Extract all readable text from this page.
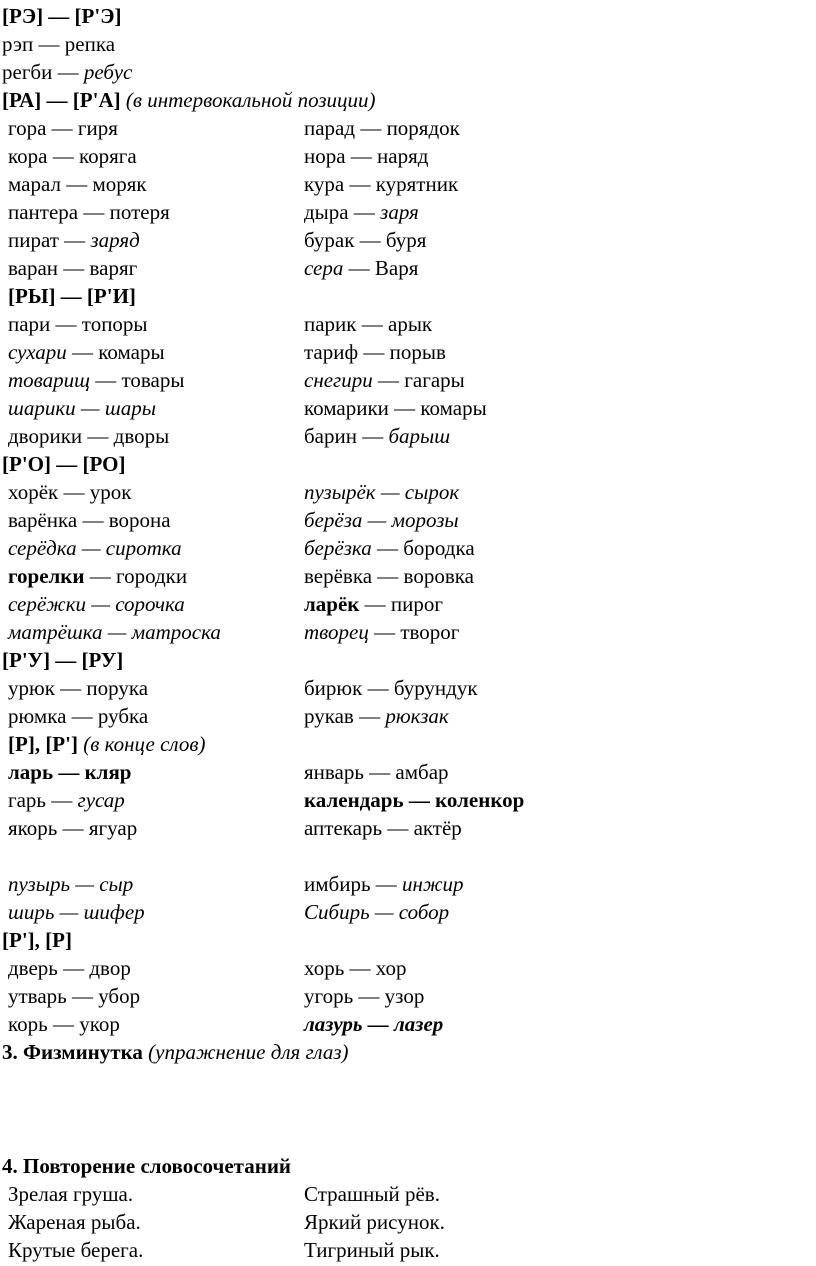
[РЭ] — [Р'Э]
рэп — репка
регби — ребус
[РА] — [Р'А] (в интервокальной позиции)
гора — гиря	парад — порядок
кора — коряга	нора — наряд
марал — моряк	кура — курятник
пантера — потеря	дыра — заря
пират — заряд	бурак — буря
варан — варяг	сера — Варя
[РЫ] — [Р'И]
пари — топоры	парик — арык
сухари — комары	тариф — порыв
товарищ — товары	снегири — гагары
шарики — шары	комарики — комары
дворики — дворы	барин — барыш
[Р'О] — [РО]
хорёк — урок	пузырёк — сырок
варёнка — ворона	берёза — морозы
серёдка — сиротка	берёзка — бородка
горелки — городки	верёвка — воровка
серёжки — сорочка	ларёк — пирог
матрёшка — матроска	творец — творог
[Р'У] — [РУ]
урюк — порука	бирюк — бурундук
рюмка — рубка	рукав — рюкзак
[Р], [Р'] (в конце слов)
ларь — кляр	январь — амбар
гарь — гусар	календарь — коленкор
якорь — ягуар	аптекарь — актёр
пузырь — сыр	имбирь — инжир
ширь — шифер	Сибирь — собор
[Р'], [Р]
дверь — двор	хорь — хор
утварь — убор	угорь — узор
корь — укор	лазурь — лазер
3. Физминутка (упражнение для глаз)
4. Повторение словосочетаний
Зрелая груша.	Страшный рёв.
Жареная рыба.	Яркий рисунок.
Крутые берега.	Тигриный рык.
